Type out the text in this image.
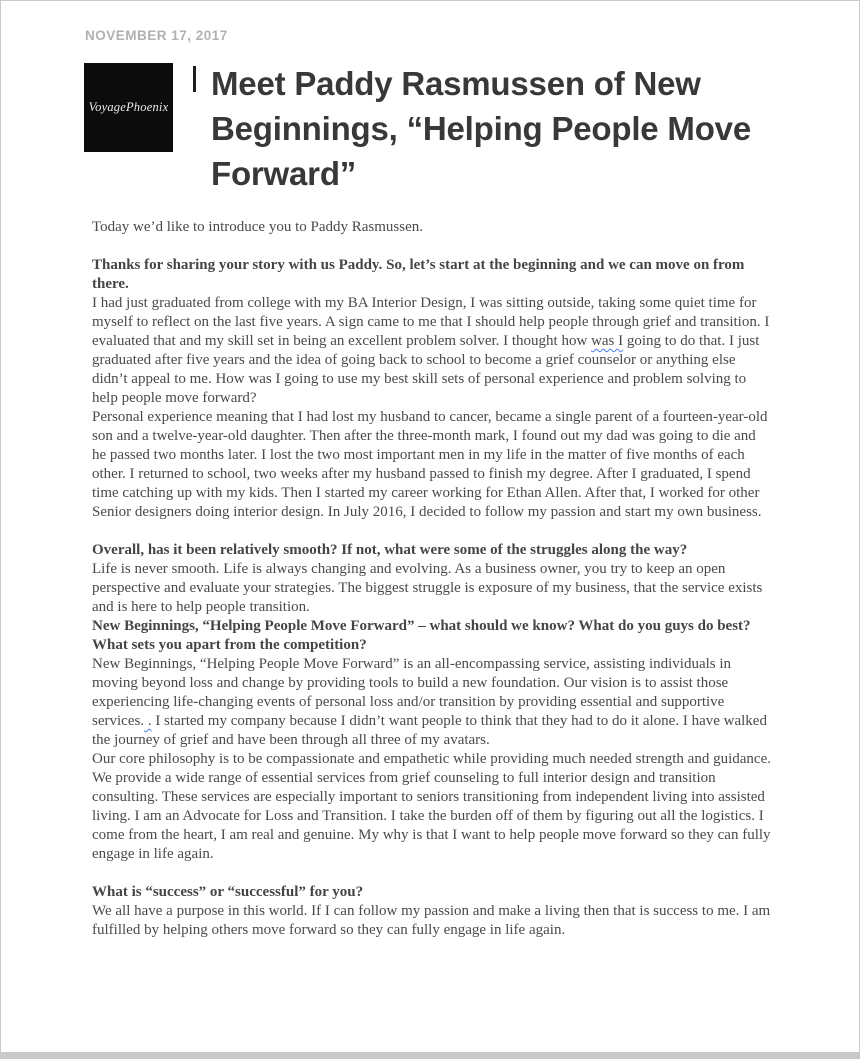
NOVEMBER 17, 2017
VoyagePhoenix
Meet Paddy Rasmussen of New Beginnings, “Helping People Move Forward”

Today we’d like to introduce you to Paddy Rasmussen.

Thanks for sharing your story with us Paddy. So, let’s start at the beginning and we can move on from there.

I had just graduated from college with my BA Interior Design, I was sitting outside, taking some quiet time for myself to reflect on the last five years. A sign came to me that I should help people through grief and transition. I evaluated that and my skill set in being an excellent problem solver. I thought how was I going to do that. I just graduated after five years and the idea of going back to school to become a grief counselor or anything else didn’t appeal to me. How was I going to use my best skill sets of personal experience and problem solving to help people move forward?

Personal experience meaning that I had lost my husband to cancer, became a single parent of a fourteen-year-old son and a twelve-year-old daughter. Then after the three-month mark, I found out my dad was going to die and he passed two months later. I lost the two most important men in my life in the matter of five months of each other. I returned to school, two weeks after my husband passed to finish my degree. After I graduated, I spend time catching up with my kids. Then I started my career working for Ethan Allen. After that, I worked for other Senior designers doing interior design. In July 2016, I decided to follow my passion and start my own business.

Overall, has it been relatively smooth? If not, what were some of the struggles along the way?

Life is never smooth. Life is always changing and evolving. As a business owner, you try to keep an open perspective and evaluate your strategies. The biggest struggle is exposure of my business, that the service exists and is here to help people transition.

New Beginnings, “Helping People Move Forward” – what should we know? What do you guys do best? What sets you apart from the competition?

New Beginnings, “Helping People Move Forward” is an all-encompassing service, assisting individuals in moving beyond loss and change by providing tools to build a new foundation. Our vision is to assist those experiencing life-changing events of personal loss and/or transition by providing essential and supportive services. . I started my company because I didn’t want people to think that they had to do it alone. I have walked the journey of grief and have been through all three of my avatars.

Our core philosophy is to be compassionate and empathetic while providing much needed strength and guidance. We provide a wide range of essential services from grief counseling to full interior design and transition consulting. These services are especially important to seniors transitioning from independent living into assisted living. I am an Advocate for Loss and Transition. I take the burden off of them by figuring out all the logistics. I come from the heart, I am real and genuine. My why is that I want to help people move forward so they can fully engage in life again.

What is “success” or “successful” for you?

We all have a purpose in this world. If I can follow my passion and make a living then that is success to me. I am fulfilled by helping others move forward so they can fully engage in life again.
